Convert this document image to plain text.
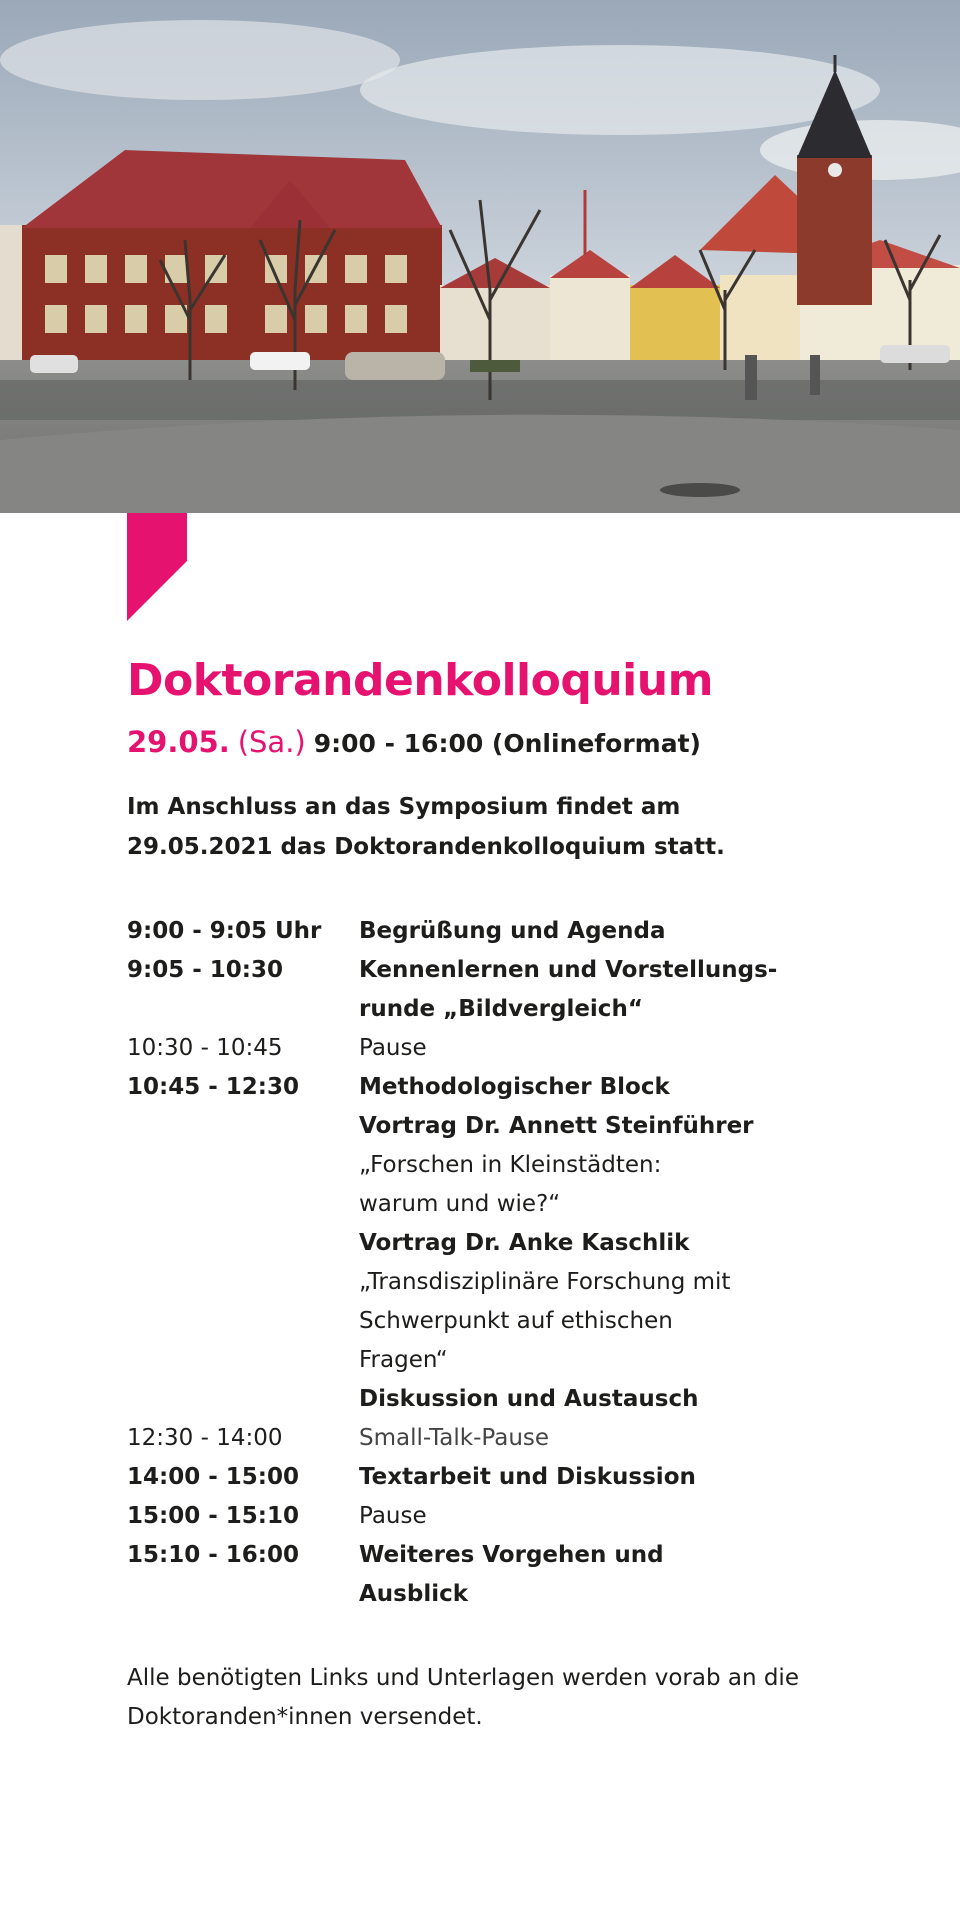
Doktorandenkolloquium
29.05. (Sa.) 9:00 - 16:00 (Onlineformat)
Im Anschluss an das Symposium findet am 29.05.2021 das Doktorandenkolloquium statt.
9:00 - 9:05 Uhr	Begrüßung und Agenda
9:05 - 10:30	Kennenlernen und Vorstellungs-
runde „Bildvergleich“
10:30 - 10:45	Pause
10:45 - 12:30	Methodologischer Block
Vortrag Dr. Annett Steinführer
„Forschen in Kleinstädten:
warum und wie?“
Vortrag Dr. Anke Kaschlik
„Transdisziplinäre Forschung mit
Schwerpunkt auf ethischen
Fragen“
Diskussion und Austausch
12:30 - 14:00	Small-Talk-Pause
14:00 - 15:00	Textarbeit und Diskussion
15:00 - 15:10	Pause
15:10 - 16:00	Weiteres Vorgehen und
Ausblick
Alle benötigten Links und Unterlagen werden vorab an die Doktoranden*innen versendet.
